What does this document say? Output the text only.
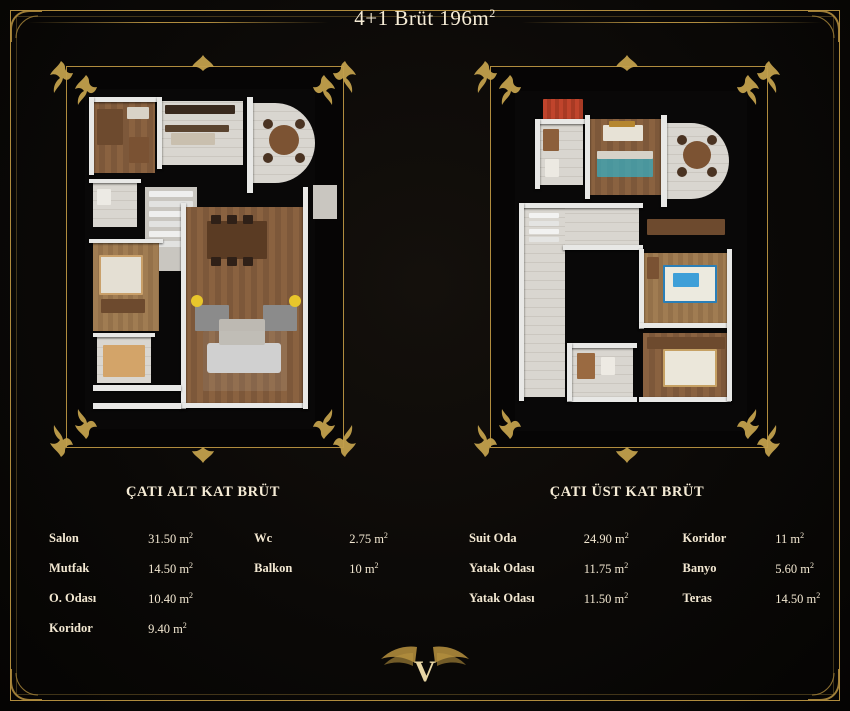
4+1 Brüt $196m^2$
ÇATI ALT KAT BRÜT	ÇATI ÜST KAT BRÜT
Salon	31.50 $m^2$	Wc	2.75 $m^2$
Mutfak	14.50 $m^2$	Balkon	10 $m^2$
O. Odası	10.40 $m^2$
Koridor	9.40 $m^2$
Suit Oda	24.90 $m^2$	Koridor	11 $m^2$
Yatak Odası	11.75 $m^2$	Banyo	5.60 $m^2$
Yatak Odası	11.50 $m^2$	Teras	14.50 $m^2$
V
